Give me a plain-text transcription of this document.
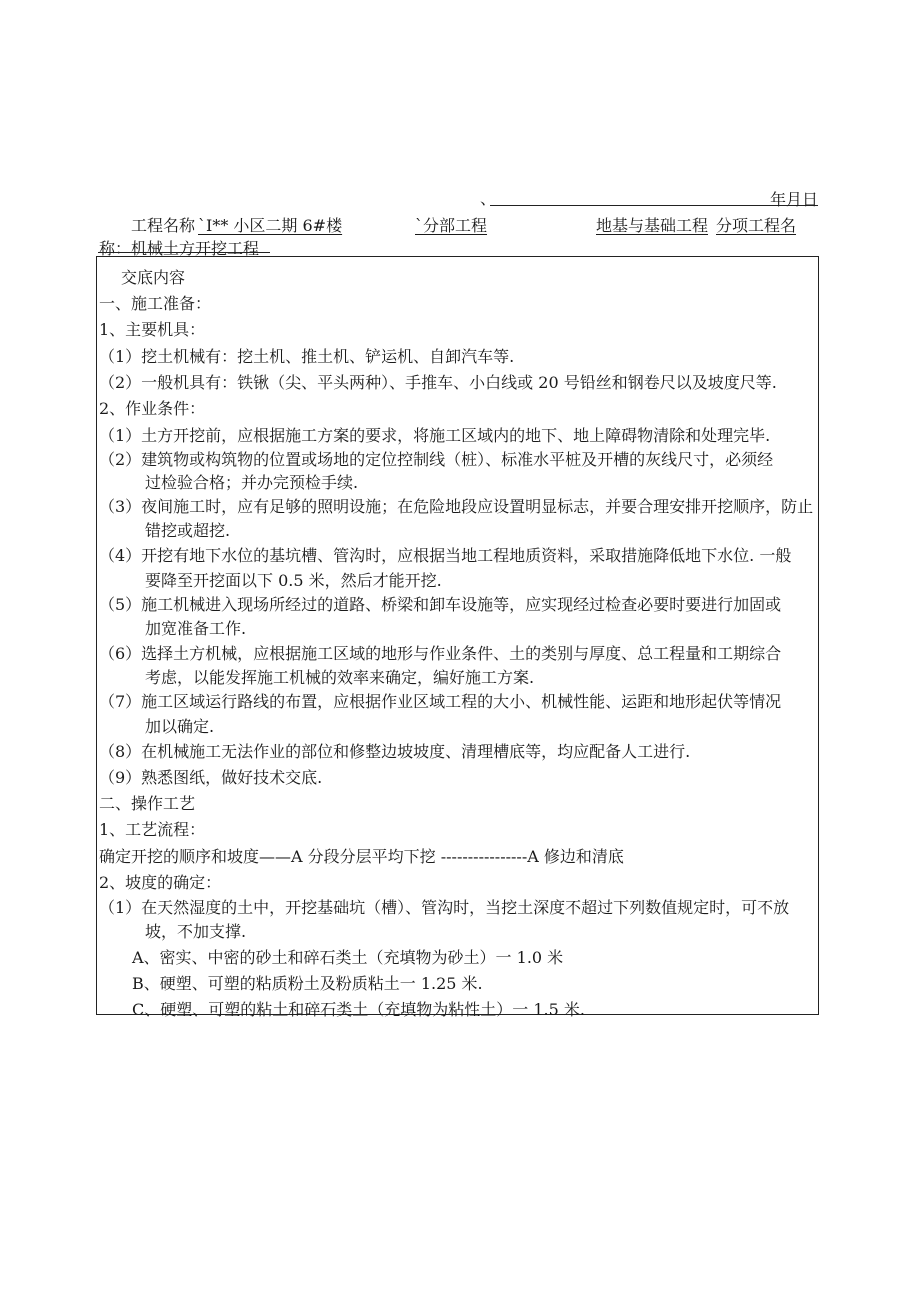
、	年月日
工程名称 `I** 小区二期 6#楼	`分部工程	地基与基础工程 分项工程名
称： 机械土方开挖工程
交底内容
一、施工准备：
1、主要机具：
（1）挖土机械有：挖土机、推土机、铲运机、自卸汽车等.
（2）一般机具有：铁锹（尖、平头两种）、手推车、小白线或 20 号铅丝和钢卷尺以及坡度尺等.
2、作业条件：
（1）土方开挖前，应根据施工方案的要求，将施工区域内的地下、地上障碍物清除和处理完毕.
（2）建筑物或构筑物的位置或场地的定位控制线（桩）、标准水平桩及开槽的灰线尺寸，必须经
过检验合格；并办完预检手续.
（3）夜间施工时，应有足够的照明设施；在危险地段应设置明显标志，并要合理安排开挖顺序，防止
错挖或超挖.
（4）开挖有地下水位的基坑槽、管沟时，应根据当地工程地质资料，采取措施降低地下水位. 一般
要降至开挖面以下 0.5 米，然后才能开挖.
（5）施工机械进入现场所经过的道路、桥梁和卸车设施等，应实现经过检查必要时要进行加固或
加宽准备工作.
（6）选择土方机械，应根据施工区域的地形与作业条件、土的类别与厚度、总工程量和工期综合
考虑，以能发挥施工机械的效率来确定，编好施工方案.
（7）施工区域运行路线的布置，应根据作业区域工程的大小、机械性能、运距和地形起伏等情况
加以确定.
（8）在机械施工无法作业的部位和修整边坡坡度、清理槽底等，均应配备人工进行.
（9）熟悉图纸，做好技术交底.
二、操作工艺
1、工艺流程：
确定开挖的顺序和坡度——A 分段分层平均下挖 ----------------A 修边和清底
2、坡度的确定：
（1）在天然湿度的土中，开挖基础坑（槽）、管沟时，当挖土深度不超过下列数值规定时，可不放
坡，不加支撑.
A、密实、中密的砂土和碎石类土（充填物为砂土）一 1.0 米
B、硬塑、可塑的粘质粉土及粉质粘土一 1.25 米.
C、硬塑、可塑的粘土和碎石类土（充填物为粘性土）一 1.5 米.
